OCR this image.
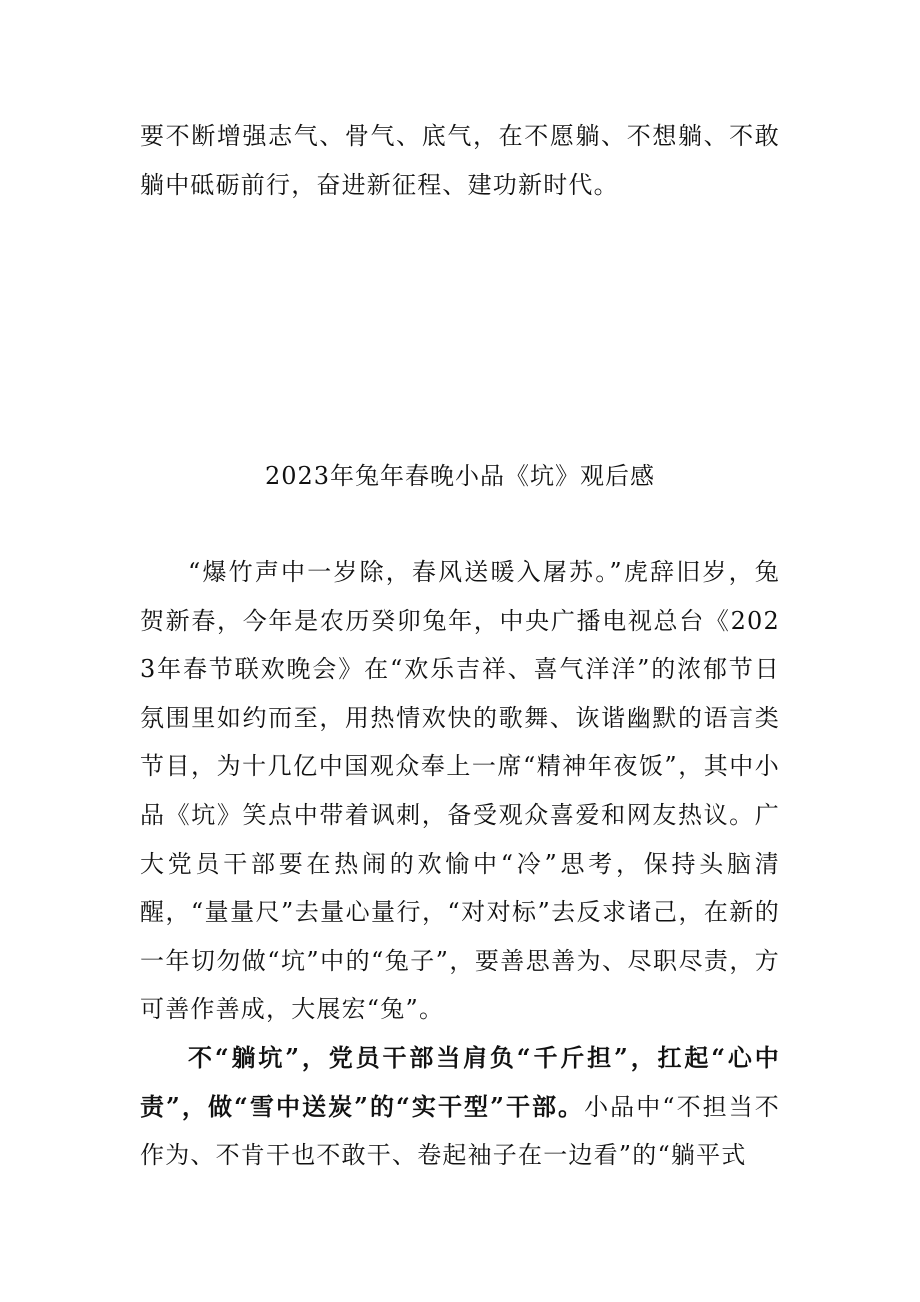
要不断增强志气、骨气、底气，在不愿躺、不想躺、不敢躺中砥砺前行，奋进新征程、建功新时代。

2023年兔年春晚小品《坑》观后感

“爆竹声中一岁除，春风送暖入屠苏。”虎辞旧岁，兔贺新春，今年是农历癸卯兔年，中央广播电视总台《2023年春节联欢晚会》在“欢乐吉祥、喜气洋洋”的浓郁节日氛围里如约而至，用热情欢快的歌舞、诙谐幽默的语言类节目，为十几亿中国观众奉上一席“精神年夜饭”，其中小品《坑》笑点中带着讽刺，备受观众喜爱和网友热议。广大党员干部要在热闹的欢愉中“冷”思考，保持头脑清醒，“量量尺”去量心量行，“对对标”去反求诸己，在新的一年切勿做“坑”中的“兔子”，要善思善为、尽职尽责，方可善作善成，大展宏“兔”。

不“躺坑”，党员干部当肩负“千斤担”，扛起“心中责”，做“雪中送炭”的“实干型”干部。小品中“不担当不作为、不肯干也不敢干、卷起袖子在一边看”的“躺平式
